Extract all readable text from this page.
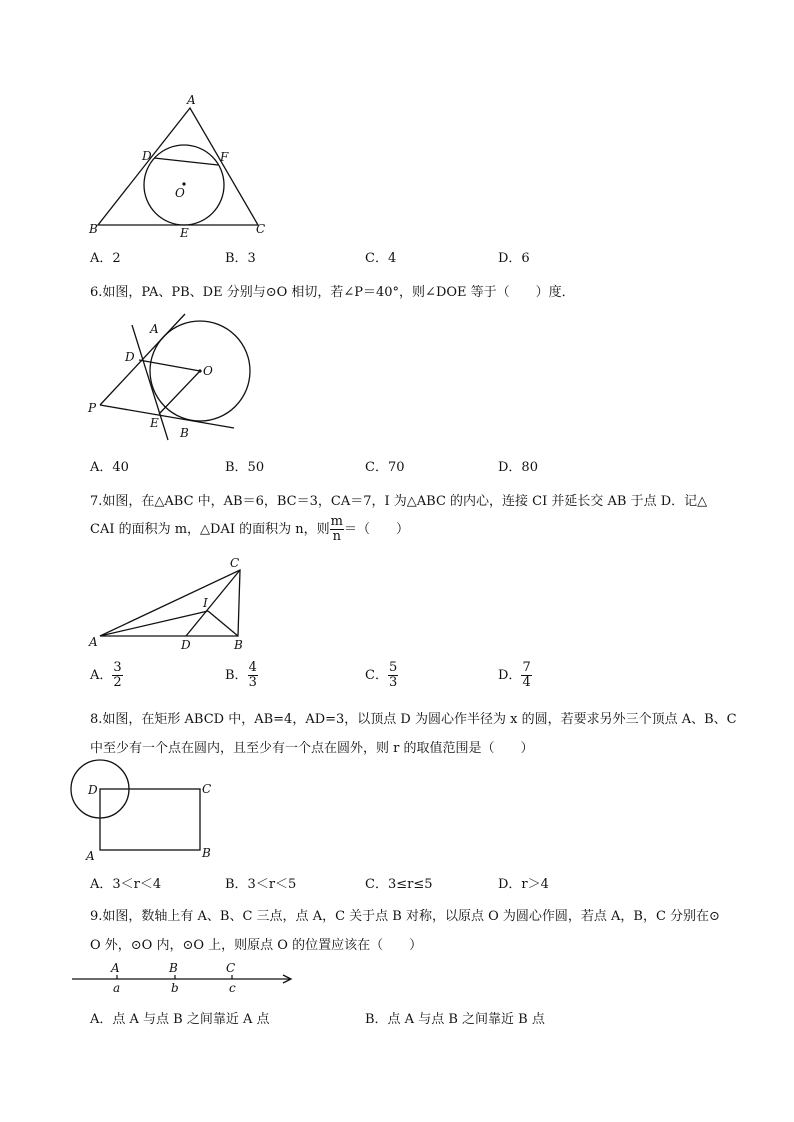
A
D	F
O
B	E	C
A．2	B．3	C．4	D．6
6.如图，PA、PB、DE 分别与⊙O 相切，若∠P＝40°，则∠DOE 等于（　　）度．
A
D
O
P
E
B
A．40	B．50	C．70	D．80
7.如图，在△ABC 中，AB＝6，BC＝3，CA＝7，I 为△ABC 的内心，连接 CI 并延长交 AB 于点 D．记△
CAI 的面积为 m，△DAI 的面积为 n，则 $\frac{m}{n}$ ＝（　　）
C
I
A	D	B
A． $\frac{3}{2}$	B． $\frac{4}{3}$	C． $\frac{5}{3}$	D． $\frac{7}{4}$
8.如图，在矩形 ABCD 中，AB=4，AD=3，以顶点 D 为圆心作半径为 x 的圆，若要求另外三个顶点 A、B、C
中至少有一个点在圆内，且至少有一个点在圆外，则 r 的取值范围是（　　）
D	C
A	B
A．3＜r＜4	B．3＜r＜5	C．3≤r≤5	D．r＞4
9.如图，数轴上有 A、B、C 三点，点 A，C 关于点 B 对称，以原点 O 为圆心作圆，若点 A，B，C 分别在⊙
O 外，⊙O 内，⊙O 上，则原点 O 的位置应该在（　　）
A	B	C
a	b	c
A．点 A 与点 B 之间靠近 A 点	B．点 A 与点 B 之间靠近 B 点
